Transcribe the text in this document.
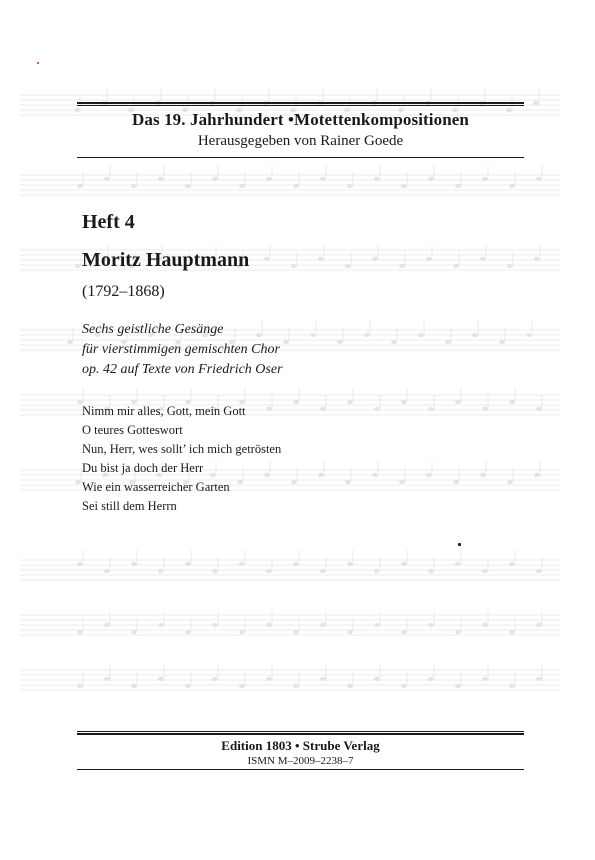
Das 19. Jahrhundert •Motettenkompositionen
Herausgegeben von Rainer Goede
Heft 4
Moritz Hauptmann
(1792–1868)
Sechs geistliche Gesänge
für vierstimmigen gemischten Chor
op. 42 auf Texte von Friedrich Oser
Nimm mir alles, Gott, mein Gott
O teures Gotteswort
Nun, Herr, wes sollt’ ich mich getrösten
Du bist ja doch der Herr
Wie ein wasserreicher Garten
Sei still dem Herrn
Edition 1803 • Strube Verlag
ISMN M–2009–2238–7
